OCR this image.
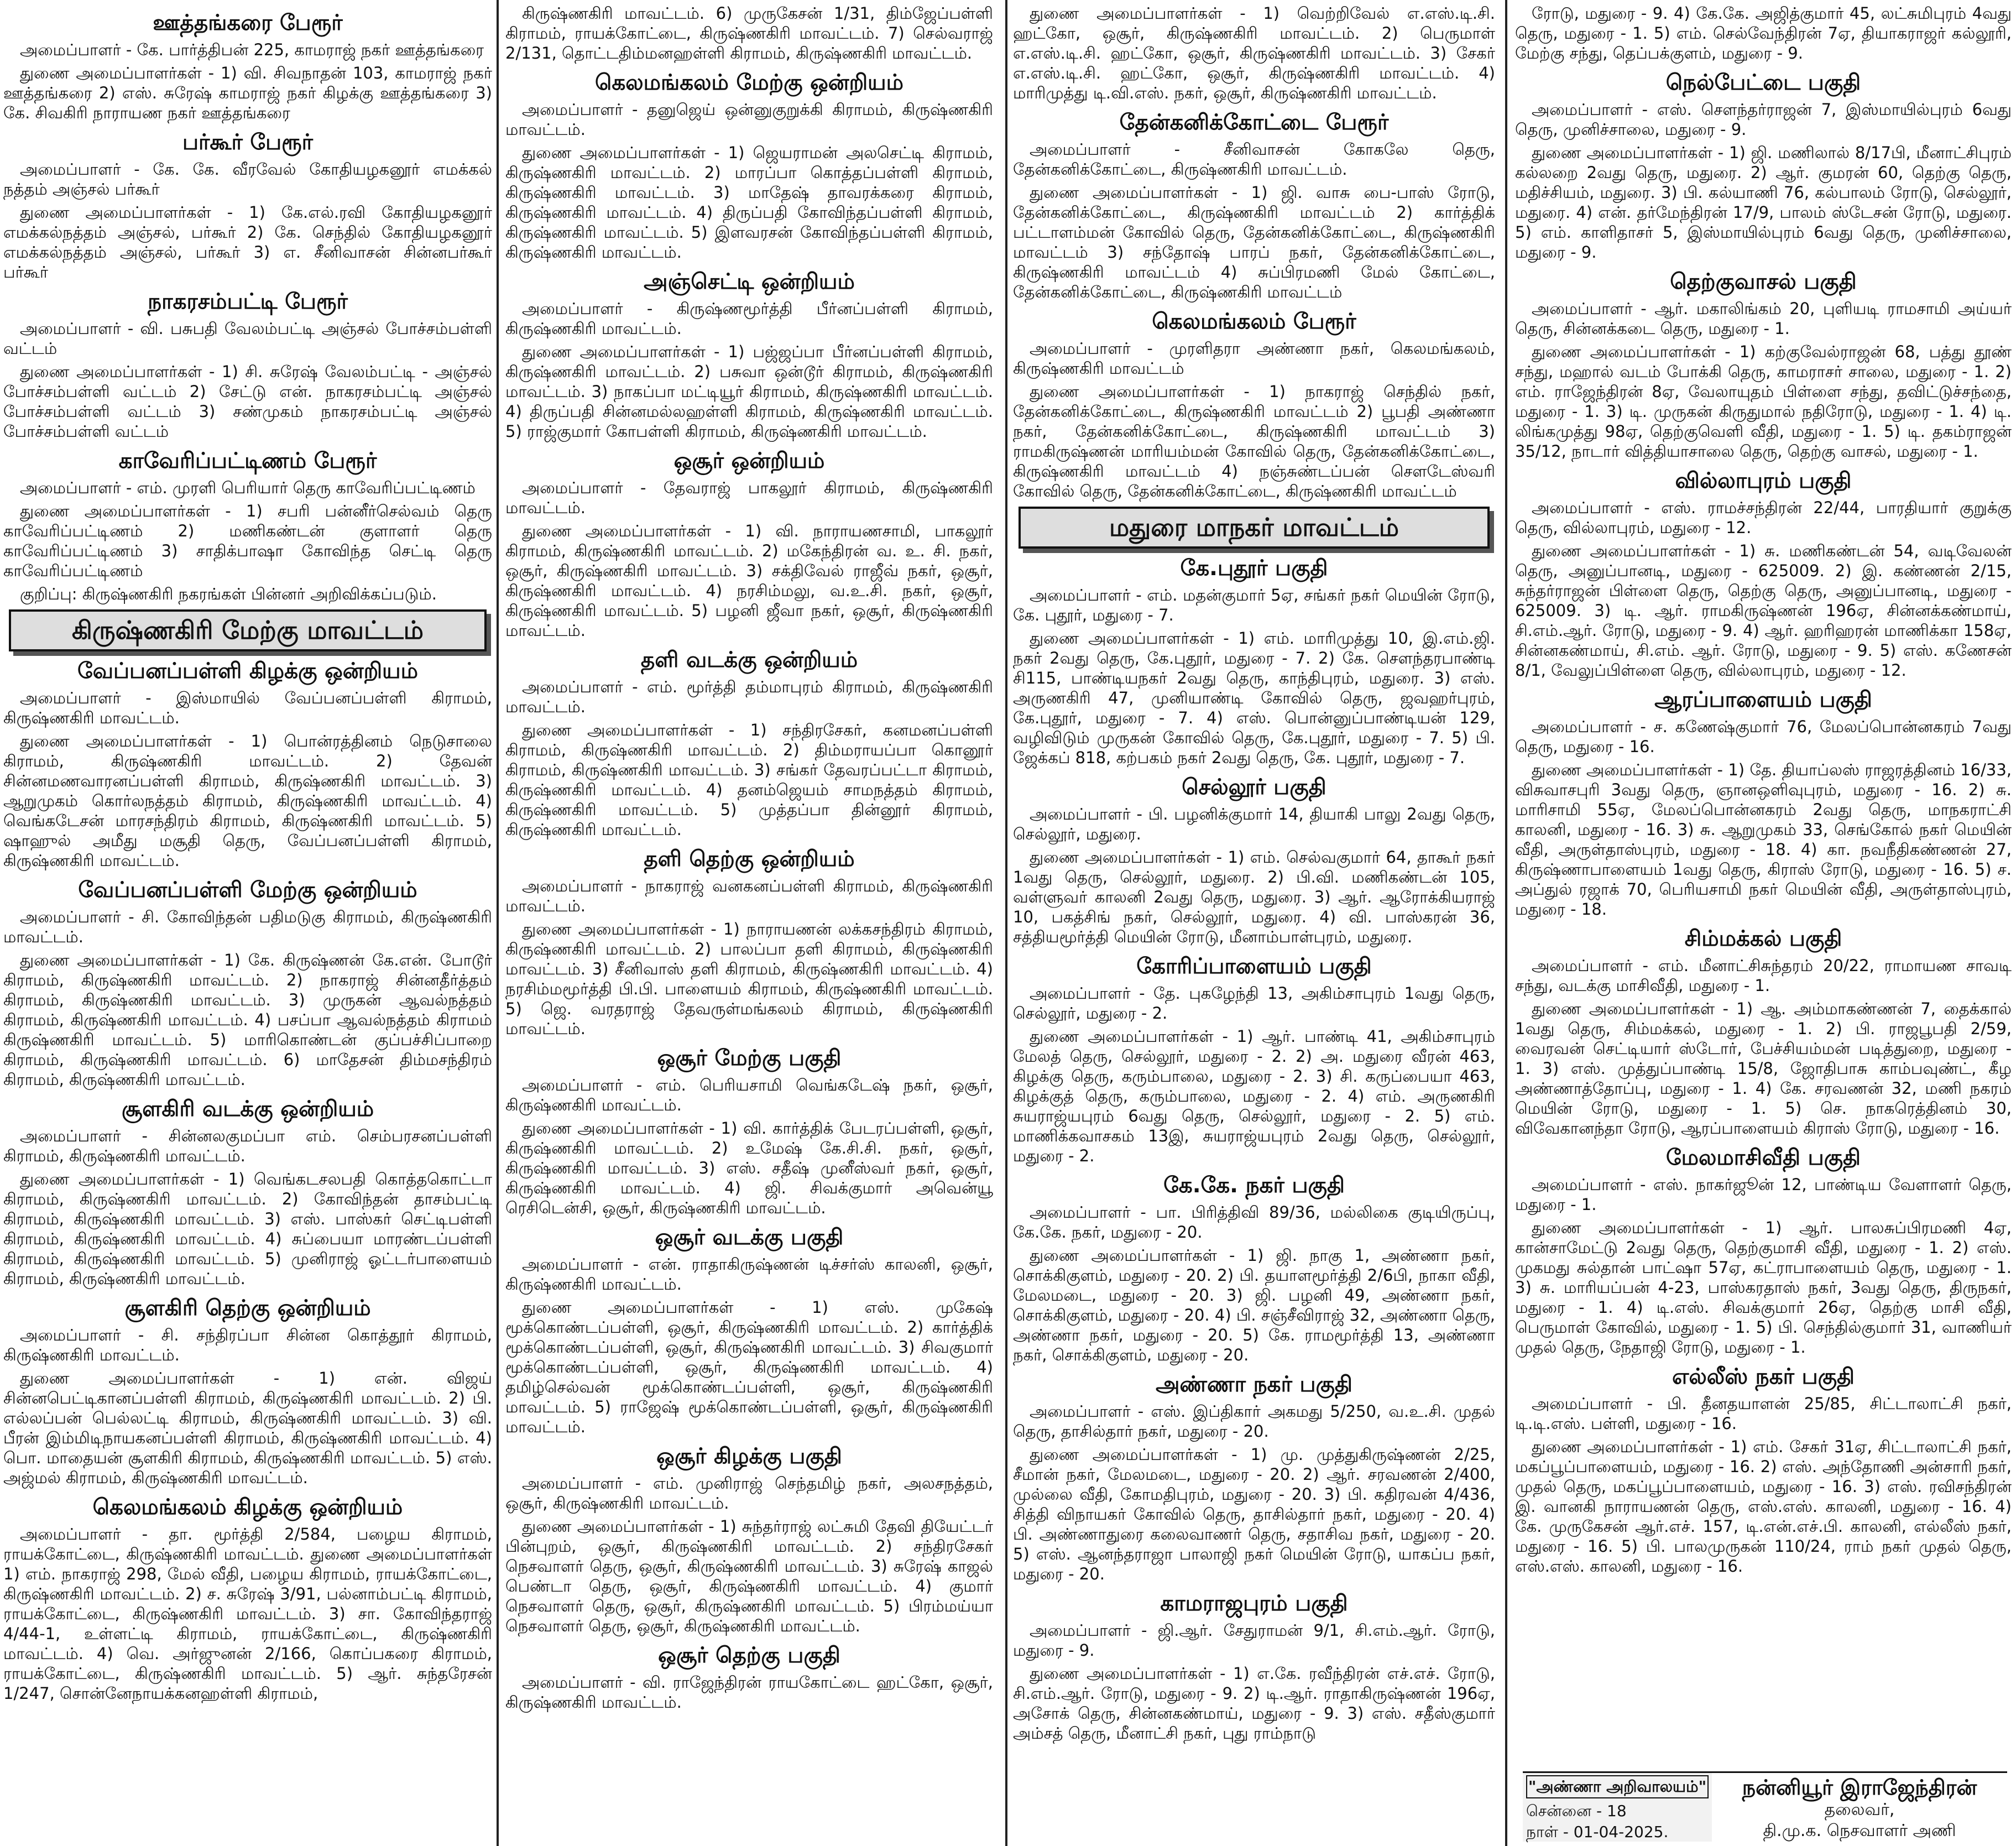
ஊத்தங்கரை பேரூர்
அமைப்பாளர் - கே. பார்த்திபன் 225, காமராஜ் நகர் ஊத்தங்கரை
துணை அமைப்பாளர்கள் - 1) வி. சிவநாதன் 103, காமராஜ் நகர் ஊத்தங்கரை 2) எஸ். சுரேஷ் காமராஜ் நகர் கிழக்கு ஊத்தங்கரை 3) கே. சிவகிரி நாராயண நகர் ஊத்தங்கரை
பர்கூர் பேரூர்
அமைப்பாளர் - கே. கே. வீரவேல் கோதியழகனூர் எமக்கல் நத்தம் அஞ்சல் பர்கூர்
துணை அமைப்பாளர்கள் - 1) கே.எல்.ரவி கோதியழகனூர் எமக்கல்நத்தம் அஞ்சல், பர்கூர் 2) கே. செந்தில் கோதியழகனூர் எமக்கல்நத்தம் அஞ்சல், பர்கூர் 3) எ. சீனிவாசன் சின்னபர்கூர் பர்கூர்
நாகரசம்பட்டி பேரூர்
அமைப்பாளர் - வி. பசுபதி வேலம்பட்டி அஞ்சல் போச்சம்பள்ளி வட்டம்
துணை அமைப்பாளர்கள் - 1) சி. சுரேஷ் வேலம்பட்டி - அஞ்சல் போச்சம்பள்ளி வட்டம் 2) சேட்டு என். நாகரசம்பட்டி அஞ்சல் போச்சம்பள்ளி வட்டம் 3) சண்முகம் நாகரசம்பட்டி அஞ்சல் போச்சம்பள்ளி வட்டம்
காவேரிப்பட்டிணம் பேரூர்
அமைப்பாளர் - எம். முரளி பெரியார் தெரு காவேரிப்பட்டிணம்
துணை அமைப்பாளர்கள் - 1) சபரி பன்னீர்செல்வம் தெரு காவேரிப்பட்டிணம் 2) மணிகண்டன் குளாளர் தெரு காவேரிப்பட்டிணம் 3) சாதிக்பாஷா கோவிந்த செட்டி தெரு காவேரிப்பட்டிணம்
குறிப்பு: கிருஷ்ணகிரி நகரங்கள் பின்னர் அறிவிக்கப்படும்.
கிருஷ்ணகிரி மேற்கு மாவட்டம்
வேப்பனப்பள்ளி கிழக்கு ஒன்றியம்
அமைப்பாளர் - இஸ்மாயில் வேப்பனப்பள்ளி கிராமம், கிருஷ்ணகிரி மாவட்டம்.
துணை அமைப்பாளர்கள் - 1) பொன்ரத்தினம் நெடுசாலை கிராமம், கிருஷ்ணகிரி மாவட்டம். 2) தேவன் சின்னமணவாரனப்பள்ளி கிராமம், கிருஷ்ணகிரி மாவட்டம். 3) ஆறுமுகம் கொர்லநத்தம் கிராமம், கிருஷ்ணகிரி மாவட்டம். 4) வெங்கடேசன் மாரசந்திரம் கிராமம், கிருஷ்ணகிரி மாவட்டம். 5) ஷாஹுல் அமீது மசூதி தெரு, வேப்பனப்பள்ளி கிராமம், கிருஷ்ணகிரி மாவட்டம்.
வேப்பனப்பள்ளி மேற்கு ஒன்றியம்
அமைப்பாளர் - சி. கோவிந்தன் பதிமடுகு கிராமம், கிருஷ்ணகிரி மாவட்டம்.
துணை அமைப்பாளர்கள் - 1) கே. கிருஷ்ணன் கே.என். போடூர் கிராமம், கிருஷ்ணகிரி மாவட்டம். 2) நாகராஜ் சின்னதீர்த்தம் கிராமம், கிருஷ்ணகிரி மாவட்டம். 3) முருகன் ஆவல்நத்தம் கிராமம், கிருஷ்ணகிரி மாவட்டம். 4) பசப்பா ஆவல்நத்தம் கிராமம் கிருஷ்ணகிரி மாவட்டம். 5) மாரிகொண்டன் குப்பச்சிப்பாறை கிராமம், கிருஷ்ணகிரி மாவட்டம். 6) மாதேசன் திம்மசந்திரம் கிராமம், கிருஷ்ணகிரி மாவட்டம்.
சூளகிரி வடக்கு ஒன்றியம்
அமைப்பாளர் - சின்னலகுமப்பா எம். செம்பரசனப்பள்ளி கிராமம், கிருஷ்ணகிரி மாவட்டம்.
துணை அமைப்பாளர்கள் - 1) வெங்கடசலபதி கொத்தகொட்டா கிராமம், கிருஷ்ணகிரி மாவட்டம். 2) கோவிந்தன் தாசம்பட்டி கிராமம், கிருஷ்ணகிரி மாவட்டம். 3) எஸ். பாஸ்கர் செட்டிபள்ளி கிராமம், கிருஷ்ணகிரி மாவட்டம். 4) சுப்பையா மாரண்டப்பள்ளி கிராமம், கிருஷ்ணகிரி மாவட்டம். 5) முனிராஜ் ஓட்டர்பாளையம் கிராமம், கிருஷ்ணகிரி மாவட்டம்.
சூளகிரி தெற்கு ஒன்றியம்
அமைப்பாளர் - சி. சந்திரப்பா சின்ன கொத்தூர் கிராமம், கிருஷ்ணகிரி மாவட்டம்.
துணை அமைப்பாளர்கள் - 1) என். விஜய் சின்னபெட்டிகானப்பள்ளி கிராமம், கிருஷ்ணகிரி மாவட்டம். 2) பி. எல்லப்பன் பெல்லட்டி கிராமம், கிருஷ்ணகிரி மாவட்டம். 3) வி. பீரன் இம்மிடிநாயகனப்பள்ளி கிராமம், கிருஷ்ணகிரி மாவட்டம். 4) பொ. மாதையன் சூளகிரி கிராமம், கிருஷ்ணகிரி மாவட்டம். 5) எஸ். அஜ்மல் கிராமம், கிருஷ்ணகிரி மாவட்டம்.
கெலமங்கலம் கிழக்கு ஒன்றியம்
அமைப்பாளர் - தா. மூர்த்தி 2/584, பழைய கிராமம், ராயக்கோட்டை, கிருஷ்ணகிரி மாவட்டம். துணை அமைப்பாளர்கள் 1) எம். நாகராஜ் 298, மேல் வீதி, பழைய கிராமம், ராயக்கோட்டை, கிருஷ்ணகிரி மாவட்டம். 2) ச. சுரேஷ் 3/91, பல்னாம்பட்டி கிராமம், ராயக்கோட்டை, கிருஷ்ணகிரி மாவட்டம். 3) சா. கோவிந்தராஜ் 4/44-1, உள்ளட்டி கிராமம், ராயக்கோட்டை, கிருஷ்ணகிரி மாவட்டம். 4) வெ. அர்ஜுனன் 2/166, கொப்பகரை கிராமம், ராயக்கோட்டை, கிருஷ்ணகிரி மாவட்டம். 5) ஆர். சுந்தரேசன் 1/247, சொன்னேநாயக்கனஹள்ளி கிராமம்,
கிருஷ்ணகிரி மாவட்டம். 6) முருகேசன் 1/31, திம்ஜேப்பள்ளி கிராமம், ராயக்கோட்டை, கிருஷ்ணகிரி மாவட்டம். 7) செல்வராஜ் 2/131, தொட்டதிம்மனஹள்ளி கிராமம், கிருஷ்ணகிரி மாவட்டம்.
கெலமங்கலம் மேற்கு ஒன்றியம்
அமைப்பாளர் - தனுஜெய் ஒன்னுகுறுக்கி கிராமம், கிருஷ்ணகிரி மாவட்டம்.
துணை அமைப்பாளர்கள் - 1) ஜெயராமன் அலசெட்டி கிராமம், கிருஷ்ணகிரி மாவட்டம். 2) மாரப்பா கொத்தப்பள்ளி கிராமம், கிருஷ்ணகிரி மாவட்டம். 3) மாதேஷ் தாவரக்கரை கிராமம், கிருஷ்ணகிரி மாவட்டம். 4) திருப்பதி கோவிந்தப்பள்ளி கிராமம், கிருஷ்ணகிரி மாவட்டம். 5) இளவரசன் கோவிந்தப்பள்ளி கிராமம், கிருஷ்ணகிரி மாவட்டம்.
அஞ்செட்டி ஒன்றியம்
அமைப்பாளர் - கிருஷ்ணமூர்த்தி பீர்னப்பள்ளி கிராமம், கிருஷ்ணகிரி மாவட்டம்.
துணை அமைப்பாளர்கள் - 1) பஜ்ஜப்பா பீர்னப்பள்ளி கிராமம், கிருஷ்ணகிரி மாவட்டம். 2) பசுவா ஒன்டூர் கிராமம், கிருஷ்ணகிரி மாவட்டம். 3) நாகப்பா மட்டியூர் கிராமம், கிருஷ்ணகிரி மாவட்டம். 4) திருப்பதி சின்னமல்லஹள்ளி கிராமம், கிருஷ்ணகிரி மாவட்டம். 5) ராஜ்குமார் கோபள்ளி கிராமம், கிருஷ்ணகிரி மாவட்டம்.
ஒசூர் ஒன்றியம்
அமைப்பாளர் - தேவராஜ் பாகலூர் கிராமம், கிருஷ்ணகிரி மாவட்டம்.
துணை அமைப்பாளர்கள் - 1) வி. நாராயணசாமி, பாகலூர் கிராமம், கிருஷ்ணகிரி மாவட்டம். 2) மகேந்திரன் வ. உ. சி. நகர், ஒசூர், கிருஷ்ணகிரி மாவட்டம். 3) சக்திவேல் ராஜீவ் நகர், ஒசூர், கிருஷ்ணகிரி மாவட்டம். 4) நரசிம்மலு, வ.உ.சி. நகர், ஒசூர், கிருஷ்ணகிரி மாவட்டம். 5) பழனி ஜீவா நகர், ஒசூர், கிருஷ்ணகிரி மாவட்டம்.
தளி வடக்கு ஒன்றியம்
அமைப்பாளர் - எம். மூர்த்தி தம்மாபுரம் கிராமம், கிருஷ்ணகிரி மாவட்டம்.
துணை அமைப்பாளர்கள் - 1) சந்திரசேகர், கனமனப்பள்ளி கிராமம், கிருஷ்ணகிரி மாவட்டம். 2) திம்மராயப்பா கொனூர் கிராமம், கிருஷ்ணகிரி மாவட்டம். 3) சங்கர் தேவரப்பட்டா கிராமம், கிருஷ்ணகிரி மாவட்டம். 4) தனம்ஜெயம் சாமநத்தம் கிராமம், கிருஷ்ணகிரி மாவட்டம். 5) முத்தப்பா தின்னூர் கிராமம், கிருஷ்ணகிரி மாவட்டம்.
தளி தெற்கு ஒன்றியம்
அமைப்பாளர் - நாகராஜ் வனகனப்பள்ளி கிராமம், கிருஷ்ணகிரி மாவட்டம்.
துணை அமைப்பாளர்கள் - 1) நாராயணன் லக்கசந்திரம் கிராமம், கிருஷ்ணகிரி மாவட்டம். 2) பாலப்பா தளி கிராமம், கிருஷ்ணகிரி மாவட்டம். 3) சீனிவாஸ் தளி கிராமம், கிருஷ்ணகிரி மாவட்டம். 4) நரசிம்மமூர்த்தி பி.பி. பாளையம் கிராமம், கிருஷ்ணகிரி மாவட்டம். 5) ஜெ. வரதராஜ் தேவருள்மங்கலம் கிராமம், கிருஷ்ணகிரி மாவட்டம்.
ஒசூர் மேற்கு பகுதி
அமைப்பாளர் - எம். பெரியசாமி வெங்கடேஷ் நகர், ஒசூர், கிருஷ்ணகிரி மாவட்டம்.
துணை அமைப்பாளர்கள் - 1) வி. கார்த்திக் பேடரப்பள்ளி, ஒசூர், கிருஷ்ணகிரி மாவட்டம். 2) உமேஷ் கே.சி.சி. நகர், ஒசூர், கிருஷ்ணகிரி மாவட்டம். 3) எஸ். சதீஷ் முனீஸ்வர் நகர், ஒசூர், கிருஷ்ணகிரி மாவட்டம். 4) ஜி. சிவக்குமார் அவென்யூ ரெசிடென்சி, ஒசூர், கிருஷ்ணகிரி மாவட்டம்.
ஒசூர் வடக்கு பகுதி
அமைப்பாளர் - என். ராதாகிருஷ்ணன் டிச்சர்ஸ் காலனி, ஒசூர், கிருஷ்ணகிரி மாவட்டம்.
துணை அமைப்பாளர்கள் - 1) எஸ். முகேஷ் மூக்கொண்டப்பள்ளி, ஒசூர், கிருஷ்ணகிரி மாவட்டம். 2) கார்த்திக் மூக்கொண்டப்பள்ளி, ஒசூர், கிருஷ்ணகிரி மாவட்டம். 3) சிவகுமார் மூக்கொண்டப்பள்ளி, ஒசூர், கிருஷ்ணகிரி மாவட்டம். 4) தமிழ்செல்வன் மூக்கொண்டப்பள்ளி, ஒசூர், கிருஷ்ணகிரி மாவட்டம். 5) ராஜேஷ் மூக்கொண்டப்பள்ளி, ஒசூர், கிருஷ்ணகிரி மாவட்டம்.
ஒசூர் கிழக்கு பகுதி
அமைப்பாளர் - எம். முனிராஜ் செந்தமிழ் நகர், அலசநத்தம், ஒசூர், கிருஷ்ணகிரி மாவட்டம்.
துணை அமைப்பாளர்கள் - 1) சுந்தர்ராஜ் லட்சுமி தேவி தியேட்டர் பின்புறம், ஒசூர், கிருஷ்ணகிரி மாவட்டம். 2) சந்திரசேகர் நெசவாளர் தெரு, ஒசூர், கிருஷ்ணகிரி மாவட்டம். 3) சுரேஷ் காஜல் பெண்டா தெரு, ஒசூர், கிருஷ்ணகிரி மாவட்டம். 4) குமார் நெசவாளர் தெரு, ஒசூர், கிருஷ்ணகிரி மாவட்டம். 5) பிரம்மய்யா நெசவாளர் தெரு, ஒசூர், கிருஷ்ணகிரி மாவட்டம்.
ஒசூர் தெற்கு பகுதி
அமைப்பாளர் - வி. ராஜேந்திரன் ராயகோட்டை ஹட்கோ, ஒசூர், கிருஷ்ணகிரி மாவட்டம்.
துணை அமைப்பாளர்கள் - 1) வெற்றிவேல் எ.எஸ்.டி.சி. ஹட்கோ, ஒசூர், கிருஷ்ணகிரி மாவட்டம். 2) பெருமாள் எ.எஸ்.டி.சி. ஹட்கோ, ஒசூர், கிருஷ்ணகிரி மாவட்டம். 3) சேகர் எ.எஸ்.டி.சி. ஹட்கோ, ஒசூர், கிருஷ்ணகிரி மாவட்டம். 4) மாரிமுத்து டி.வி.எஸ். நகர், ஒசூர், கிருஷ்ணகிரி மாவட்டம்.
தேன்கனிக்கோட்டை பேரூர்
அமைப்பாளர் - சீனிவாசன் கோகலே தெரு, தேன்கனிக்கோட்டை, கிருஷ்ணகிரி மாவட்டம்.
துணை அமைப்பாளர்கள் - 1) ஜி. வாசு பை-பாஸ் ரோடு, தேன்கனிக்கோட்டை, கிருஷ்ணகிரி மாவட்டம் 2) கார்த்திக் பட்டாளம்மன் கோவில் தெரு, தேன்கனிக்கோட்டை, கிருஷ்ணகிரி மாவட்டம் 3) சந்தோஷ் பாரப் நகர், தேன்கனிக்கோட்டை, கிருஷ்ணகிரி மாவட்டம் 4) சுப்பிரமணி மேல் கோட்டை, தேன்கனிக்கோட்டை, கிருஷ்ணகிரி மாவட்டம்
கெலமங்கலம் பேரூர்
அமைப்பாளர் - முரளிதரா அண்ணா நகர், கெலமங்கலம், கிருஷ்ணகிரி மாவட்டம்
துணை அமைப்பாளர்கள் - 1) நாகராஜ் செந்தில் நகர், தேன்கனிக்கோட்டை, கிருஷ்ணகிரி மாவட்டம் 2) பூபதி அண்ணா நகர், தேன்கனிக்கோட்டை, கிருஷ்ணகிரி மாவட்டம் 3) ராமகிருஷ்ணன் மாரியம்மன் கோவில் தெரு, தேன்கனிக்கோட்டை, கிருஷ்ணகிரி மாவட்டம் 4) நஞ்சுண்டப்பன் சௌடேஸ்வரி கோவில் தெரு, தேன்கனிக்கோட்டை, கிருஷ்ணகிரி மாவட்டம்
மதுரை மாநகர் மாவட்டம்
கே.புதூர் பகுதி
அமைப்பாளர் - எம். மதன்குமார் 5ஏ, சங்கர் நகர் மெயின் ரோடு, கே. புதூர், மதுரை - 7.
துணை அமைப்பாளர்கள் - 1) எம். மாரிமுத்து 10, இ.எம்.ஜி. நகர் 2வது தெரு, கே.புதூர், மதுரை - 7. 2) கே. சௌந்தரபாண்டி சி115, பாண்டியநகர் 2வது தெரு, காந்திபுரம், மதுரை. 3) எஸ். அருணகிரி 47, முனியாண்டி கோவில் தெரு, ஜவஹர்புரம், கே.புதூர், மதுரை - 7. 4) எஸ். பொன்னுப்பாண்டியன் 129, வழிவிடும் முருகன் கோவில் தெரு, கே.புதூர், மதுரை - 7. 5) பி. ஜேக்கப் 818, கற்பகம் நகர் 2வது தெரு, கே. புதூர், மதுரை - 7.
செல்லூர் பகுதி
அமைப்பாளர் - பி. பழனிக்குமார் 14, தியாகி பாலு 2வது தெரு, செல்லூர், மதுரை.
துணை அமைப்பாளர்கள் - 1) எம். செல்வகுமார் 64, தாகூர் நகர் 1வது தெரு, செல்லூர், மதுரை. 2) பி.வி. மணிகண்டன் 105, வள்ளுவர் காலனி 2வது தெரு, மதுரை. 3) ஆர். ஆரோக்கியராஜ் 10, பகத்சிங் நகர், செல்லூர், மதுரை. 4) வி. பாஸ்கரன் 36, சத்தியமூர்த்தி மெயின் ரோடு, மீனாம்பாள்புரம், மதுரை.
கோரிப்பாளையம் பகுதி
அமைப்பாளர் - தே. புகழேந்தி 13, அகிம்சாபுரம் 1வது தெரு, செல்லூர், மதுரை - 2.
துணை அமைப்பாளர்கள் - 1) ஆர். பாண்டி 41, அகிம்சாபுரம் மேலத் தெரு, செல்லூர், மதுரை - 2. 2) அ. மதுரை வீரன் 463, கிழக்கு தெரு, கரும்பாலை, மதுரை - 2. 3) சி. கருப்பையா 463, கிழக்குத் தெரு, கரும்பாலை, மதுரை - 2. 4) எம். அருணகிரி சுயராஜ்யபுரம் 6வது தெரு, செல்லூர், மதுரை - 2. 5) எம். மாணிக்கவாசகம் 13இ, சுயராஜ்யபுரம் 2வது தெரு, செல்லூர், மதுரை - 2.
கே.கே. நகர் பகுதி
அமைப்பாளர் - பா. பிரித்திவி 89/36, மல்லிகை குடியிருப்பு, கே.கே. நகர், மதுரை - 20.
துணை அமைப்பாளர்கள் - 1) ஜி. நாகு 1, அண்ணா நகர், சொக்கிகுளம், மதுரை - 20. 2) பி. தயாளமூர்த்தி 2/6பி, நாகா வீதி, மேலமடை, மதுரை - 20. 3) ஜி. பழனி 49, அண்ணா நகர், சொக்கிகுளம், மதுரை - 20. 4) பி. சஞ்சீவிராஜ் 32, அண்ணா தெரு, அண்ணா நகர், மதுரை - 20. 5) கே. ராமமூர்த்தி 13, அண்ணா நகர், சொக்கிகுளம், மதுரை - 20.
அண்ணா நகர் பகுதி
அமைப்பாளர் - எஸ். இப்திகார் அகமது 5/250, வ.உ.சி. முதல் தெரு, தாசில்தார் நகர், மதுரை - 20.
துணை அமைப்பாளர்கள் - 1) மு. முத்துகிருஷ்ணன் 2/25, சீமான் நகர், மேலமடை, மதுரை - 20. 2) ஆர். சரவணன் 2/400, முல்லை வீதி, கோமதிபுரம், மதுரை - 20. 3) பி. கதிரவன் 4/436, சித்தி விநாயகர் கோவில் தெரு, தாசில்தார் நகர், மதுரை - 20. 4) பி. அண்ணாதுரை கலைவாணர் தெரு, சதாசிவ நகர், மதுரை - 20. 5) எஸ். ஆனந்தராஜா பாலாஜி நகர் மெயின் ரோடு, யாகப்ப நகர், மதுரை - 20.
காமராஜபுரம் பகுதி
அமைப்பாளர் - ஜி.ஆர். சேதுராமன் 9/1, சி.எம்.ஆர். ரோடு, மதுரை - 9.
துணை அமைப்பாளர்கள் - 1) எ.கே. ரவீந்திரன் எச்.எச். ரோடு, சி.எம்.ஆர். ரோடு, மதுரை - 9. 2) டி.ஆர். ராதாகிருஷ்ணன் 196ஏ, அசோக் தெரு, சின்னகண்மாய், மதுரை - 9. 3) எஸ். சதீஸ்குமார் அம்சத் தெரு, மீனாட்சி நகர், புது ராம்நாடு
ரோடு, மதுரை - 9. 4) கே.கே. அஜித்குமார் 45, லட்சுமிபுரம் 4வது தெரு, மதுரை - 1. 5) எம். செல்வேந்திரன் 7ஏ, தியாகராஜர் கல்லூரி, மேற்கு சந்து, தெப்பக்குளம், மதுரை - 9.
நெல்பேட்டை பகுதி
அமைப்பாளர் - எஸ். சௌந்தர்ராஜன் 7, இஸ்மாயில்புரம் 6வது தெரு, முனிச்சாலை, மதுரை - 9.
துணை அமைப்பாளர்கள் - 1) ஜி. மணிலால் 8/17பி, மீனாட்சிபுரம் கல்லறை 2வது தெரு, மதுரை. 2) ஆர். குமரன் 60, தெற்கு தெரு, மதிச்சியம், மதுரை. 3) பி. கல்யாணி 76, கல்பாலம் ரோடு, செல்லூர், மதுரை. 4) என். தர்மேந்திரன் 17/9, பாலம் ஸ்டேசன் ரோடு, மதுரை. 5) எம். காளிதாசர் 5, இஸ்மாயில்புரம் 6வது தெரு, முனிச்சாலை, மதுரை - 9.
தெற்குவாசல் பகுதி
அமைப்பாளர் - ஆர். மகாலிங்கம் 20, புளியடி ராமசாமி அய்யர் தெரு, சின்னக்கடை தெரு, மதுரை - 1.
துணை அமைப்பாளர்கள் - 1) கற்குவேல்ராஜன் 68, பத்து தூண் சந்து, மஹால் வடம் போக்கி தெரு, காமராசர் சாலை, மதுரை - 1. 2) எம். ராஜேந்திரன் 8ஏ, வேலாயுதம் பிள்ளை சந்து, தவிட்டுச்சந்தை, மதுரை - 1. 3) டி. முருகன் கிருதுமால் நதிரோடு, மதுரை - 1. 4) டி. லிங்கமுத்து 98ஏ, தெற்குவெளி வீதி, மதுரை - 1. 5) டி. தகம்ராஜன் 35/12, நாடார் வித்தியாசாலை தெரு, தெற்கு வாசல், மதுரை - 1.
வில்லாபுரம் பகுதி
அமைப்பாளர் - எஸ். ராமச்சந்திரன் 22/44, பாரதியார் குறுக்கு தெரு, வில்லாபுரம், மதுரை - 12.
துணை அமைப்பாளர்கள் - 1) சு. மணிகண்டன் 54, வடிவேலன் தெரு, அனுப்பானடி, மதுரை - 625009. 2) இ. கண்ணன் 2/15, சுந்தர்ராஜன் பிள்ளை தெரு, தெற்கு தெரு, அனுப்பானடி, மதுரை - 625009. 3) டி. ஆர். ராமகிருஷ்ணன் 196ஏ, சின்னக்கண்மாய், சி.எம்.ஆர். ரோடு, மதுரை - 9. 4) ஆர். ஹரிஹரன் மாணிக்கா 158ஏ, சின்னகண்மாய், சி.எம். ஆர். ரோடு, மதுரை - 9. 5) எஸ். கணேசன் 8/1, வேலுப்பிள்ளை தெரு, வில்லாபுரம், மதுரை - 12.
ஆரப்பாளையம் பகுதி
அமைப்பாளர் - ச. கணேஷ்குமார் 76, மேலப்பொன்னகரம் 7வது தெரு, மதுரை - 16.
துணை அமைப்பாளர்கள் - 1) தே. தியாப்லஸ் ராஜரத்தினம் 16/33, விசுவாசபுரி 3வது தெரு, ஞானஒளிவுபுரம், மதுரை - 16. 2) சு. மாரிசாமி 55ஏ, மேலப்பொன்னகரம் 2வது தெரு, மாநகராட்சி காலனி, மதுரை - 16. 3) சு. ஆறுமுகம் 33, செங்கோல் நகர் மெயின் வீதி, அருள்தாஸ்புரம், மதுரை - 18. 4) கா. நவநீதிகண்ணன் 27, கிருஷ்ணாபாளையம் 1வது தெரு, கிராஸ் ரோடு, மதுரை - 16. 5) ச. அப்துல் ரஜாக் 70, பெரியசாமி நகர் மெயின் வீதி, அருள்தாஸ்புரம், மதுரை - 18.
சிம்மக்கல் பகுதி
அமைப்பாளர் - எம். மீனாட்சிசுந்தரம் 20/22, ராமாயண சாவடி சந்து, வடக்கு மாசிவீதி, மதுரை - 1.
துணை அமைப்பாளர்கள் - 1) ஆ. அம்மாகண்ணன் 7, தைக்கால் 1வது தெரு, சிம்மக்கல், மதுரை - 1. 2) பி. ராஜபூபதி 2/59, வைரவன் செட்டியார் ஸ்டோர், பேச்சியம்மன் படித்துறை, மதுரை - 1. 3) எஸ். முத்துப்பாண்டி 15/8, ஜோதிபாசு காம்பவுண்ட், கீழ அண்ணாத்தோப்பு, மதுரை - 1. 4) கே. சரவணன் 32, மணி நகரம் மெயின் ரோடு, மதுரை - 1. 5) செ. நாகரெத்தினம் 30, விவேகானந்தா ரோடு, ஆரப்பாளையம் கிராஸ் ரோடு, மதுரை - 16.
மேலமாசிவீதி பகுதி
அமைப்பாளர் - எஸ். நாகர்ஜூன் 12, பாண்டிய வேளாளர் தெரு, மதுரை - 1.
துணை அமைப்பாளர்கள் - 1) ஆர். பாலசுப்பிரமணி 4ஏ, கான்சாமேட்டு 2வது தெரு, தெற்குமாசி வீதி, மதுரை - 1. 2) எஸ். முகமது சுல்தான் பாட்ஷா 57ஏ, கட்ராபாளையம் தெரு, மதுரை - 1. 3) சு. மாரியப்பன் 4-23, பாஸ்கரதாஸ் நகர், 3வது தெரு, திருநகர், மதுரை - 1. 4) டி.எஸ். சிவக்குமார் 26ஏ, தெற்கு மாசி வீதி, பெருமாள் கோவில், மதுரை - 1. 5) பி. செந்தில்குமார் 31, வாணியர் முதல் தெரு, நேதாஜி ரோடு, மதுரை - 1.
எல்லீஸ் நகர் பகுதி
அமைப்பாளர் - பி. தீனதயாளன் 25/85, சிட்டாலாட்சி நகர், டி.டி.எஸ். பள்ளி, மதுரை - 16.
துணை அமைப்பாளர்கள் - 1) எம். சேகர் 31ஏ, சிட்டாலாட்சி நகர், மகப்பூப்பாளையம், மதுரை - 16. 2) எஸ். அந்தோணி அன்சாரி நகர், முதல் தெரு, மகப்பூப்பாளையம், மதுரை - 16. 3) எஸ். ரவிசந்திரன் இ. வானகி நாராயணன் தெரு, எஸ்.எஸ். காலனி, மதுரை - 16. 4) கே. முருகேசன் ஆர்.எச். 157, டி.என்.எச்.பி. காலனி, எல்லீஸ் நகர், மதுரை - 16. 5) பி. பாலமுருகன் 110/24, ராம் நகர் முதல் தெரு, எஸ்.எஸ். காலனி, மதுரை - 16.
"அண்ணா அறிவாலயம்"
சென்னை - 18
நாள் - 01-04-2025.
நன்னியூர் இராஜேந்திரன்
தலைவர்,
தி.மு.க. நெசவாளர் அணி
